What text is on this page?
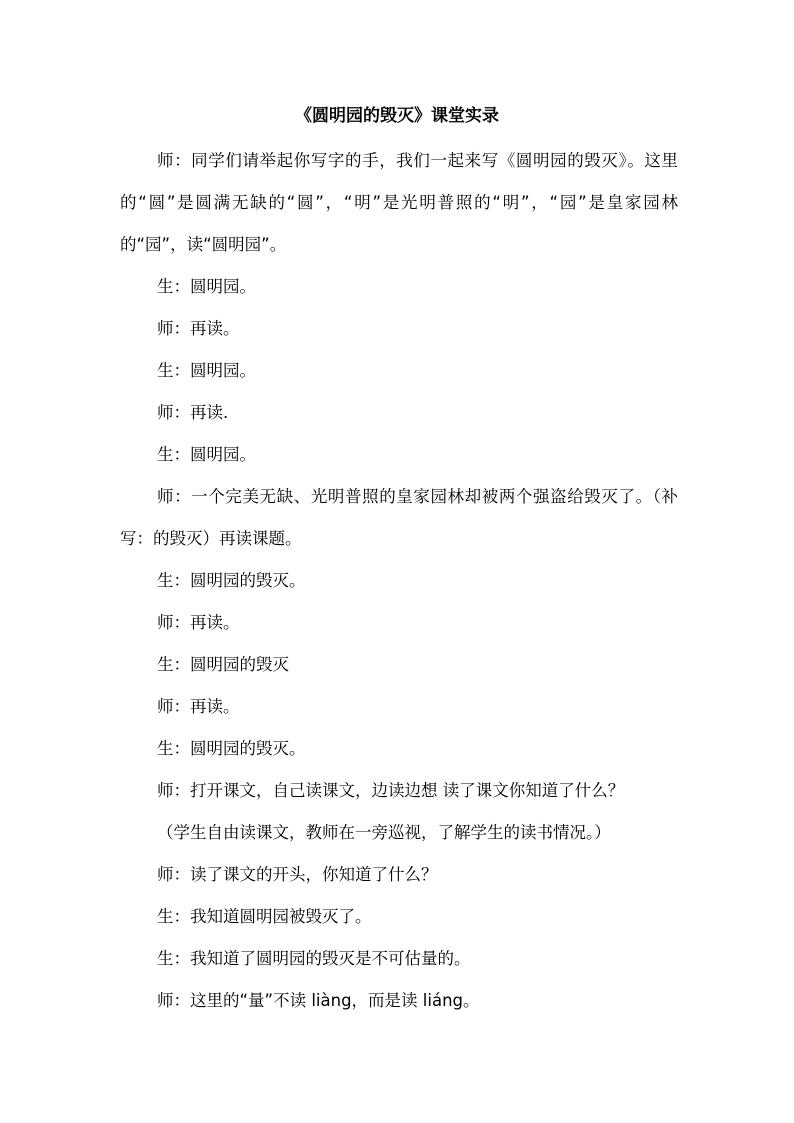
《圆明园的毁灭》课堂实录
师：同学们请举起你写字的手，我们一起来写《圆明园的毁灭》。这里的“圆”是圆满无缺的“圆”，“明”是光明普照的“明”，“园”是皇家园林的“园”，读“圆明园”。
生：圆明园。
师：再读。
生：圆明园。
师：再读.
生：圆明园。
师：一个完美无缺、光明普照的皇家园林却被两个强盗给毁灭了。（补写：的毁灭）再读课题。
生：圆明园的毁灭。
师：再读。
生：圆明园的毁灭
师：再读。
生：圆明园的毁灭。
师：打开课文，自己读课文，边读边想 读了课文你知道了什么？
（学生自由读课文，教师在一旁巡视，了解学生的读书情况。）
师：读了课文的开头，你知道了什么？
生：我知道圆明园被毁灭了。
生：我知道了圆明园的毁灭是不可估量的。
师：这里的“量”不读 liàng，而是读 liáng。
